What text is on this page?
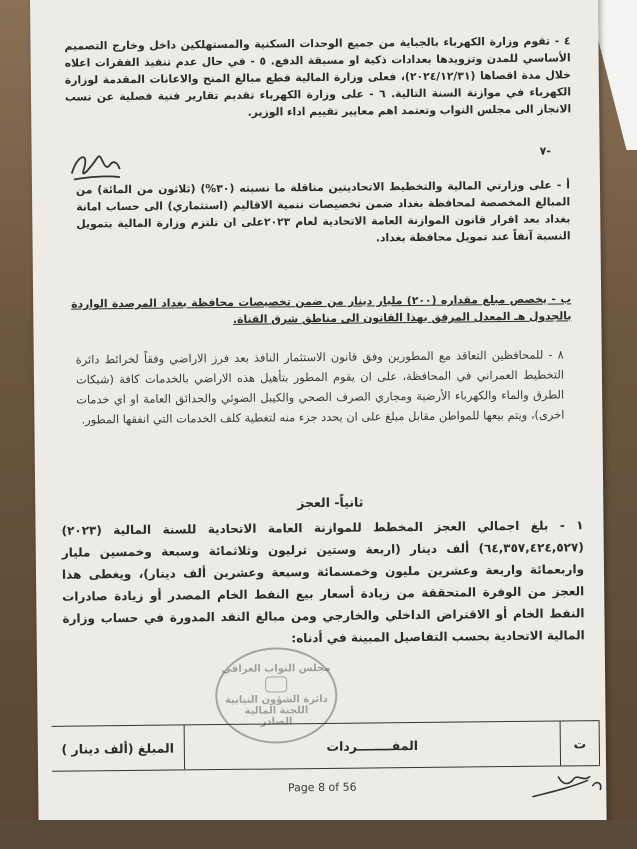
٤ - تقوم وزارة الكهرباء بالجباية من جميع الوحدات السكنية والمستهلكين داخل وخارج التصميم الأساسي للمدن وتزويدها بعدادات ذكية او مسبقة الدفع. ٥ - في حال عدم تنفيذ الفقرات اعلاه خلال مدة اقصاها (٢٠٢٤/١٢/٣١)، فعلى وزارة المالية قطع مبالغ المنح والاعانات المقدمة لوزارة الكهرباء في موازنة السنة التالية. ٦ - على وزارة الكهرباء تقديم تقارير فنية فصلية عن نسب الانجاز الى مجلس النواب وتعتمد اهم معايير تقييم اداء الوزير.
-٧
أ - على وزارتي المالية والتخطيط الاتحاديتين مناقلة ما نسبته (٣٠%) (ثلاثون من المائة) من المبالغ المخصصة لمحافظة بغداد ضمن تخصيصات تنمية الاقاليم (استثماري) الى حساب امانة بغداد بعد اقرار قانون الموازنة العامة الاتحادية لعام ٢٠٢٣على ان تلتزم وزارة المالية بتمويل النسبة آنفاً عند تمويل محافظة بغداد.
ب - يخصص مبلغ مقداره (٢٠٠) مليار دينار من ضمن تخصيصات محافظة بغداد المرصدة الواردة بالجدول هـ المعدل المرفق بهذا القانون الى مناطق شرق القناة.
٨ - للمحافظين التعاقد مع المطورين وفق قانون الاستثمار النافذ بعد فرز الاراضي وفقاً لخرائط دائرة التخطيط العمراني في المحافظة، على ان يقوم المطور بتأهيل هذه الاراضي بالخدمات كافة (شبكات الطرق والماء والكهرباء الأرضية ومجاري الصرف الصحي والكيبل الضوئي والحدائق العامة او اي خدمات اخرى)، ويتم بيعها للمواطن مقابل مبلغ على ان يحدد جزء منه لتغطية كلف الخدمات التي انفقها المطور.
ثانياً- العجز
١ - بلغ اجمالي العجز المخطط للموازنة العامة الاتحادية للسنة المالية (٢٠٢٣) (٦٤,٣٥٧,٤٢٤,٥٢٧) ألف دينار (اربعة وستين ترليون وثلاثمائة وسبعة وخمسين مليار واربعمائة واربعة وعشرين مليون وخمسمائة وسبعة وعشرين ألف دينار)، ويغطى هذا العجز من الوفرة المتحققة من زيادة أسعار بيع النفط الخام المصدر أو زيادة صادرات النفط الخام أو الاقتراض الداخلي والخارجي ومن مبالغ النقد المدورة في حساب وزارة المالية الاتحادية بحسب التفاصيل المبينة في أدناه:
مجلس النواب العراقي
دائرة الشؤون النيابية
اللجنة المالية
الصادر
ت
المفــــــــردات
المبلغ (ألف دينار )
Page 8 of 56
